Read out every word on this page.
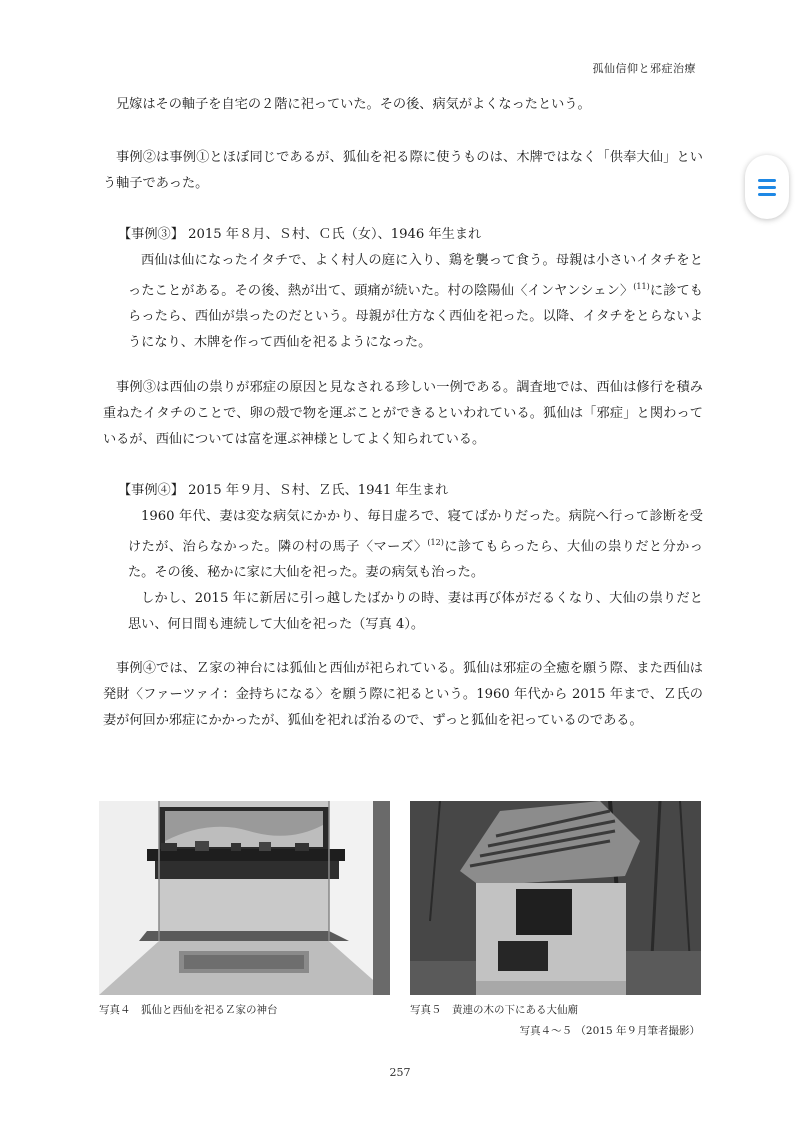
孤仙信仰と邪症治療

兄嫁はその軸子を自宅の２階に祀っていた。その後、病気がよくなったという。

事例②は事例①とほぼ同じであるが、狐仙を祀る際に使うものは、木牌ではなく「供奉大仙」という軸子であった。

【事例③】 2015 年８月、Ｓ村、Ｃ氏（女）、1946 年生まれ

西仙は仙になったイタチで、よく村人の庭に入り、鶏を襲って食う。母親は小さいイタチをとったことがある。その後、熱が出て、頭痛が続いた。村の陰陽仙〈インヤンシェン〉$^{(11)}$に診てもらったら、西仙が祟ったのだという。母親が仕方なく西仙を祀った。以降、イタチをとらないようになり、木牌を作って西仙を祀るようになった。

事例③は西仙の祟りが邪症の原因と見なされる珍しい一例である。調査地では、西仙は修行を積み重ねたイタチのことで、卵の殻で物を運ぶことができるといわれている。狐仙は「邪症」と関わっているが、西仙については富を運ぶ神様としてよく知られている。

【事例④】 2015 年９月、Ｓ村、Ｚ氏、1941 年生まれ

1960 年代、妻は変な病気にかかり、毎日虚ろで、寝てばかりだった。病院へ行って診断を受けたが、治らなかった。隣の村の馬子〈マーズ〉$^{(12)}$に診てもらったら、大仙の祟りだと分かった。その後、秘かに家に大仙を祀った。妻の病気も治った。

しかし、2015 年に新居に引っ越したばかりの時、妻は再び体がだるくなり、大仙の祟りだと思い、何日間も連続して大仙を祀った（写真 4）。

事例④では、Ｚ家の神台には狐仙と西仙が祀られている。狐仙は邪症の全癒を願う際、また西仙は発財〈ファーツァイ：金持ちになる〉を願う際に祀るという。1960 年代から 2015 年まで、Ｚ氏の妻が何回か邪症にかかったが、狐仙を祀れば治るので、ずっと狐仙を祀っているのである。

写真４　狐仙と西仙を祀るＺ家の神台	写真５　黄連の木の下にある大仙廟
写真４〜５ （2015 年９月筆者撮影）
257
